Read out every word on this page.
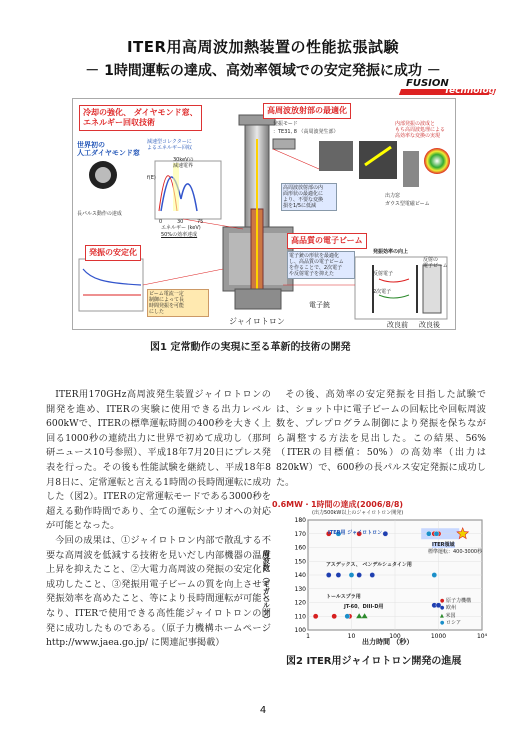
ITER用高周波加熱装置の性能拡張試験
－ 1時間運転の達成、高効率領域での安定発振に成功 －
FUSION
Technology
冷却の強化、 ダイヤモンド窓、
エネルギー回収技術
高周波放射部の最適化
発振の安定化
高品質の電子ビーム
世界初の
人工ダイヤモンド窓
長パルス動作の達成
減速型コレクターに
よるエネルギー回収
30keVの
減速電界
f(E)
0	30	75
エネルギー (keV)
50%の効率達成
発振モード
：TE31, 8 （高周波発生部）
内部発振の波成と
もち高周波処理による
高効率な変換の実現
高周波放射部の内
面形状の最適化に
より、不要な変換
損を1/5に低減
出力窓
ガウス型電磁ビーム
ビーム電流一定
制御によって長
時間発振を可能
にした
電子銃の形状を最適化
し、高品質の電子ビーム
を作ることで、2次電子
や反射電子を抑えた
発振効率の向上
反射電子
2次電子
反射の
電子ビーム
電子銃
改良前 改良後
ジャイロトロン
図1 定常動作の実現に至る革新的技術の開発
ITER用170GHz高周波発生装置ジャイロトロンの開発を進め、ITERの実験に使用できる出力レベル600kWで、ITERの標準運転時間の400秒を大きく上回る1000秒の連続出力に世界で初めて成功し（那珂研ニュース10号参照）、平成18年7月20日にプレス発表を行った。その後も性能試験を継続し、平成18年8月8日に、定常運転と言える1時間の長時間運転に成功した（図2）。ITERの定常運転モードである3000秒を超える動作時間であり、全ての運転シナリオへの対応が可能となった。
今回の成果は、①ジャイロトロン内部で散乱する不要な高周波を低減する技術を見いだし内部機器の温度上昇を抑えたこと、②大電力高周波の発振の安定化に成功したこと、③発振用電子ビームの質を向上させて発振効率を高めたこと、等により長時間運転が可能となり、ITERで使用できる高性能ジャイロトロンの開発に成功したものである。（原子力機構ホームページ http://www.jaea.go.jp/ に関連記事掲載）
その後、高効率の安定発振を目指した試験では、ショット中に電子ビームの回転比や回転周波数を、プレプログラム制御により発振を保ちながら調整する方法を見出した。この結果、56%（ITERの目標値：50%）の高効率（出力は820kW）で、600秒の長パルス安定発振に成功した。
100
110
120
130
140
150
160
170
180
1	10	100	1000	10⁴
0.6MW・1時間の達成(2006/8/8)
(出力500kW以上のジャイロトロン開発)
周波数 （ギガヘルツ）
出力時間 （秒）
ITER用 ジャイロトロン
ITER領域
標準運転：400-3000秒
アスデックス、 ベンデルシュタイン用
トールスプラ用
JT-60、DIII-D用
● 原子力機構
● 欧州
▲ 米国
● ロシア
図2 ITER用ジャイロトロン開発の進展
4
